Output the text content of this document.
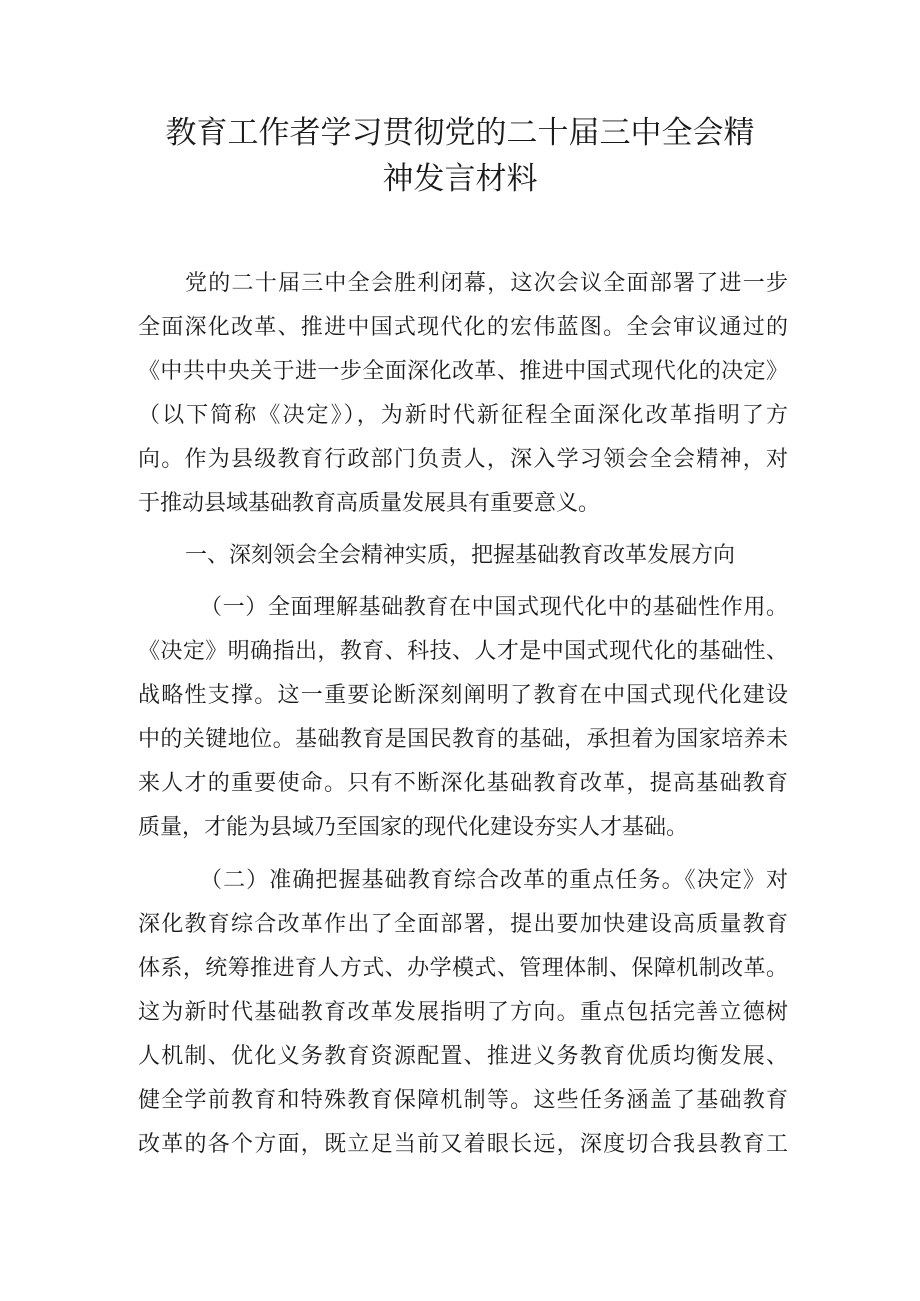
教育工作者学习贯彻党的二十届三中全会精
神发言材料
党的二十届三中全会胜利闭幕，这次会议全面部署了进一步
全面深化改革、推进中国式现代化的宏伟蓝图。全会审议通过的
《中共中央关于进一步全面深化改革、推进中国式现代化的决定》
（以下简称《决定》），为新时代新征程全面深化改革指明了方
向。作为县级教育行政部门负责人，深入学习领会全会精神，对
于推动县域基础教育高质量发展具有重要意义。
一、深刻领会全会精神实质，把握基础教育改革发展方向
（一）全面理解基础教育在中国式现代化中的基础性作用。
《决定》明确指出，教育、科技、人才是中国式现代化的基础性、
战略性支撑。这一重要论断深刻阐明了教育在中国式现代化建设
中的关键地位。基础教育是国民教育的基础，承担着为国家培养未
来人才的重要使命。只有不断深化基础教育改革，提高基础教育
质量，才能为县域乃至国家的现代化建设夯实人才基础。
（二）准确把握基础教育综合改革的重点任务。《决定》对
深化教育综合改革作出了全面部署，提出要加快建设高质量教育
体系，统筹推进育人方式、办学模式、管理体制、保障机制改革。
这为新时代基础教育改革发展指明了方向。重点包括完善立德树
人机制、优化义务教育资源配置、推进义务教育优质均衡发展、
健全学前教育和特殊教育保障机制等。这些任务涵盖了基础教育
改革的各个方面，既立足当前又着眼长远，深度切合我县教育工
